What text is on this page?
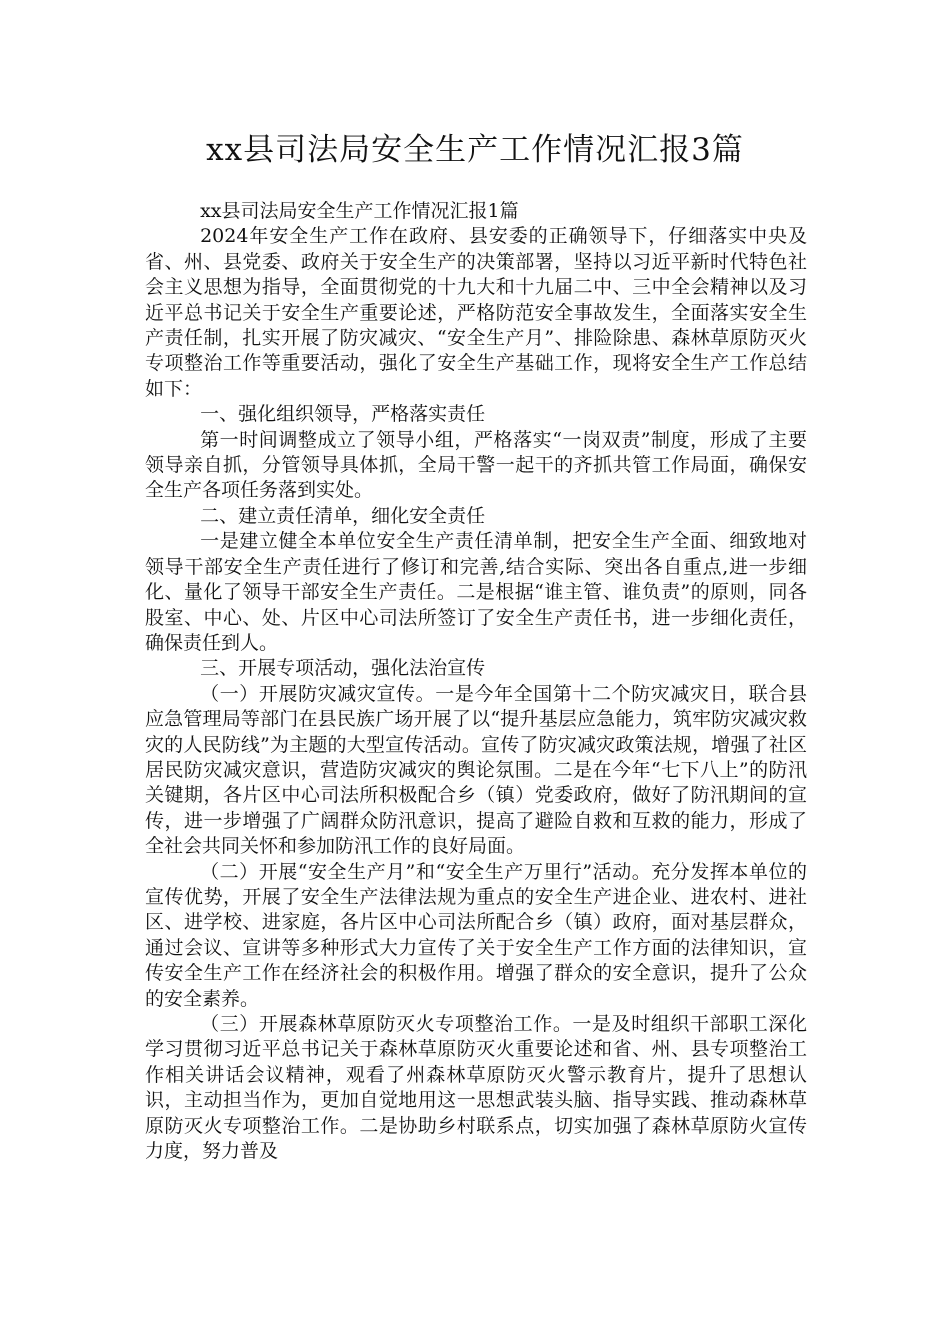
xx县司法局安全生产工作情况汇报3篇

xx县司法局安全生产工作情况汇报1篇

2024年安全生产工作在政府、县安委的正确领导下，仔细落实中央及省、州、县党委、政府关于安全生产的决策部署，坚持以习近平新时代特色社会主义思想为指导，全面贯彻党的十九大和十九届二中、三中全会精神以及习近平总书记关于安全生产重要论述，严格防范安全事故发生，全面落实安全生产责任制，扎实开展了防灾减灾、“安全生产月”、排险除患、森林草原防灭火专项整治工作等重要活动，强化了安全生产基础工作，现将安全生产工作总结如下：

一、强化组织领导，严格落实责任

第一时间调整成立了领导小组，严格落实“一岗双责”制度，形成了主要领导亲自抓，分管领导具体抓，全局干警一起干的齐抓共管工作局面，确保安全生产各项任务落到实处。

二、建立责任清单，细化安全责任

一是建立健全本单位安全生产责任清单制，把安全生产全面、细致地对领导干部安全生产责任进行了修订和完善,结合实际、突出各自重点,进一步细化、量化了领导干部安全生产责任。二是根据“谁主管、谁负责”的原则，同各股室、中心、处、片区中心司法所签订了安全生产责任书，进一步细化责任，确保责任到人。

三、开展专项活动，强化法治宣传

（一）开展防灾减灾宣传。一是今年全国第十二个防灾减灾日，联合县应急管理局等部门在县民族广场开展了以“提升基层应急能力，筑牢防灾减灾救灾的人民防线”为主题的大型宣传活动。宣传了防灾减灾政策法规，增强了社区居民防灾减灾意识，营造防灾减灾的舆论氛围。二是在今年“七下八上”的防汛关键期，各片区中心司法所积极配合乡（镇）党委政府，做好了防汛期间的宣传，进一步增强了广阔群众防汛意识，提高了避险自救和互救的能力，形成了全社会共同关怀和参加防汛工作的良好局面。

（二）开展“安全生产月”和“安全生产万里行”活动。充分发挥本单位的宣传优势，开展了安全生产法律法规为重点的安全生产进企业、进农村、进社区、进学校、进家庭，各片区中心司法所配合乡（镇）政府，面对基层群众，通过会议、宣讲等多种形式大力宣传了关于安全生产工作方面的法律知识，宣传安全生产工作在经济社会的积极作用。增强了群众的安全意识，提升了公众的安全素养。

（三）开展森林草原防灭火专项整治工作。一是及时组织干部职工深化学习贯彻习近平总书记关于森林草原防灭火重要论述和省、州、县专项整治工作相关讲话会议精神，观看了州森林草原防灭火警示教育片，提升了思想认识，主动担当作为，更加自觉地用这一思想武装头脑、指导实践、推动森林草原防灭火专项整治工作。二是协助乡村联系点，切实加强了森林草原防火宣传力度，努力普及
